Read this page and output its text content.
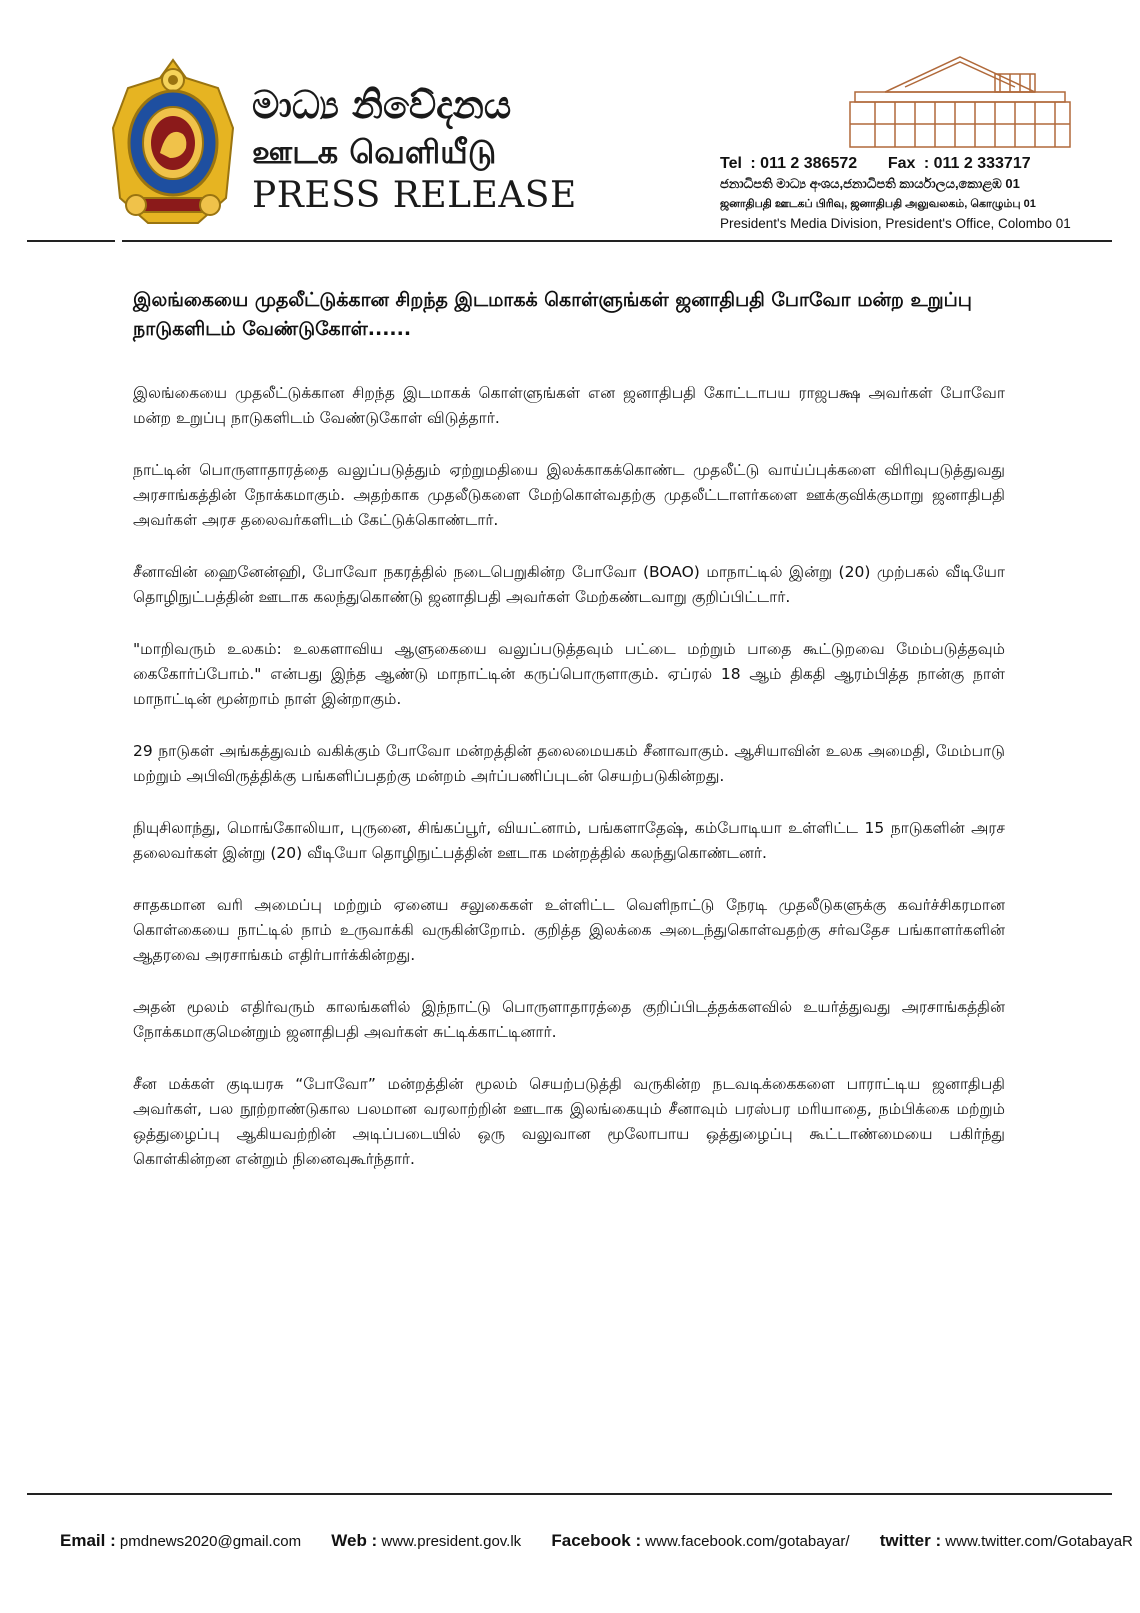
මාධ්‍ය නිවේදනය
ஊடக வெளியீடு
PRESS RELEASE
Tel : 011 2 386572 Fax : 011 2 333717
ජනාධිපති මාධ්‍ය අංශය,ජනාධිපති කාර්යාලය,කොළඹ 01
ஜனாதிபதி ஊடகப் பிரிவு, ஜனாதிபதி அலுவலகம், கொழும்பு 01
President's Media Division, President's Office, Colombo 01

இலங்கையை முதலீட்டுக்கான சிறந்த இடமாகக் கொள்ளுங்கள் ஜனாதிபதி போவோ மன்ற உறுப்பு நாடுகளிடம் வேண்டுகோள்......

இலங்கையை முதலீட்டுக்கான சிறந்த இடமாகக் கொள்ளுங்கள் என ஜனாதிபதி கோட்டாபய ராஜபக்ஷ அவர்கள் போவோ மன்ற உறுப்பு நாடுகளிடம் வேண்டுகோள் விடுத்தார்.

நாட்டின் பொருளாதாரத்தை வலுப்படுத்தும் ஏற்றுமதியை இலக்காகக்கொண்ட முதலீட்டு வாய்ப்புக்களை விரிவுபடுத்துவது அரசாங்கத்தின் நோக்கமாகும். அதற்காக முதலீடுகளை மேற்கொள்வதற்கு முதலீட்டாளர்களை ஊக்குவிக்குமாறு ஜனாதிபதி அவர்கள் அரச தலைவர்களிடம் கேட்டுக்கொண்டார்.

சீனாவின் ஹைனேன்ஹி, போவோ நகரத்தில் நடைபெறுகின்ற போவோ (BOAO) மாநாட்டில் இன்று (20) முற்பகல் வீடியோ தொழிநுட்பத்தின் ஊடாக கலந்துகொண்டு ஜனாதிபதி அவர்கள் மேற்கண்டவாறு குறிப்பிட்டார்.

"மாறிவரும் உலகம்: உலகளாவிய ஆளுகையை வலுப்படுத்தவும் பட்டை மற்றும் பாதை கூட்டுறவை மேம்படுத்தவும் கைகோர்ப்போம்." என்பது இந்த ஆண்டு மாநாட்டின் கருப்பொருளாகும். ஏப்ரல் 18 ஆம் திகதி ஆரம்பித்த நான்கு நாள் மாநாட்டின் மூன்றாம் நாள் இன்றாகும்.

29 நாடுகள் அங்கத்துவம் வகிக்கும் போவோ மன்றத்தின் தலைமையகம் சீனாவாகும். ஆசியாவின் உலக அமைதி, மேம்பாடு மற்றும் அபிவிருத்திக்கு பங்களிப்பதற்கு மன்றம் அர்ப்பணிப்புடன் செயற்படுகின்றது.

நியுசிலாந்து, மொங்கோலியா, புருனை, சிங்கப்பூர், வியட்னாம், பங்களாதேஷ், கம்போடியா உள்ளிட்ட 15 நாடுகளின் அரச தலைவர்கள் இன்று (20) வீடியோ தொழிநுட்பத்தின் ஊடாக மன்றத்தில் கலந்துகொண்டனர்.

சாதகமான வரி அமைப்பு மற்றும் ஏனைய சலுகைகள் உள்ளிட்ட வெளிநாட்டு நேரடி முதலீடுகளுக்கு கவர்ச்சிகரமான கொள்கையை நாட்டில் நாம் உருவாக்கி வருகின்றோம். குறித்த இலக்கை அடைந்துகொள்வதற்கு சர்வதேச பங்காளர்களின் ஆதரவை அரசாங்கம் எதிர்பார்க்கின்றது.

அதன் மூலம் எதிர்வரும் காலங்களில் இந்நாட்டு பொருளாதாரத்தை குறிப்பிடத்தக்களவில் உயர்த்துவது அரசாங்கத்தின் நோக்கமாகுமென்றும் ஜனாதிபதி அவர்கள் சுட்டிக்காட்டினார்.

சீன மக்கள் குடியரசு “போவோ” மன்றத்தின் மூலம் செயற்படுத்தி வருகின்ற நடவடிக்கைகளை பாராட்டிய ஜனாதிபதி அவர்கள், பல நூற்றாண்டுகால பலமான வரலாற்றின் ஊடாக இலங்கையும் சீனாவும் பரஸ்பர மரியாதை, நம்பிக்கை மற்றும் ஒத்துழைப்பு ஆகியவற்றின் அடிப்படையில் ஒரு வலுவான மூலோபாய ஒத்துழைப்பு கூட்டாண்மையை பகிர்ந்து கொள்கின்றன என்றும் நினைவுகூர்ந்தார்.

Email : pmdnews2020@gmail.com Web : www.president.gov.lk Facebook : www.facebook.com/gotabayar/ twitter : www.twitter.com/GotabayaR
